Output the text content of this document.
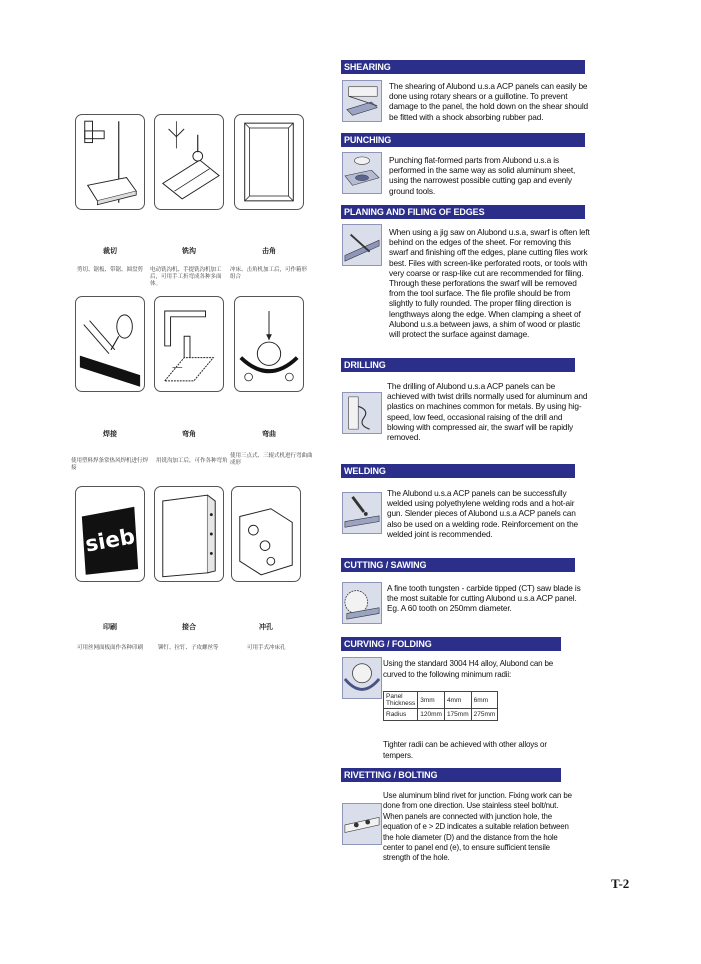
裁切
剪切、锯板、带锯、圆盘剪
铣沟
电动铣沟机、手提铣沟机加工后，可用手工折弯成各种多面体。
击角
冲床、击角机加工后，可作箱形组合
焊接
使用塑料焊条常热风焊机进行焊接
弯角
用铣沟加工后，可作各种弯角
弯曲
使用三点式、三辊式机进行弯曲曲成形
sieb
印刷
可用丝网面板面作各种印刷
接合
铆钉、拉钉、子攻螺丝等
冲孔
可用手式冲床孔
SHEARING
The shearing of Alubond u.s.a ACP panels can easily be
done using rotary shears or a guillotine. To prevent
damage to the panel, the hold down on the shear should
be fitted with a shock absorbing rubber pad.
PUNCHING
Punching flat-formed parts from Alubond u.s.a is
performed in the same way as solid aluminum sheet,
using the narrowest possible cutting gap and evenly
ground tools.
PLANING AND FILING OF EDGES
When using a jig saw on Alubond u.s.a, swarf is often left
behind on the edges of the sheet. For removing this
swarf and finishing off the edges, plane cutting files work
best. Files with screen-like perforated roots, or tools with
very coarse or rasp-like cut are recommended for filing.
Through these perforations the swarf will be removed
from the tool surface. The file profile should be from
slightly to fully rounded. The proper filing direction is
lengthways along the edge. When clamping a sheet of
Alubond u.s.a between jaws, a shim of wood or plastic
will protect the surface against damage.
DRILLING
The drilling of Alubond u.s.a ACP panels can be
achieved with twist drills normally used for aluminum and
plastics on machines common for metals. By using hig-
speed, low feed, occasional raising of the drill and
blowing with compressed air, the swarf will be rapidly
removed.
WELDING
The Alubond u.s.a ACP panels can be successfully
welded using polyethylene welding rods and a hot-air
gun. Slender pieces of Alubond u.s.a ACP panels can
also be used on a welding rode. Reinforcement on the
welded joint is recommended.
CUTTING / SAWING
A fine tooth tungsten - carbide tipped (CT) saw blade is
the most suitable for cutting Alubond u.s.a ACP panel.
Eg. A 60 tooth on 250mm diameter.
CURVING / FOLDING
Using the standard 3004 H4 alloy, Alubond can be
curved to the following minimum radii:
Panel Thickness	3mm	4mm	6mm
Radius	120mm	175mm	275mm
Tighter radii can be achieved with other alloys or
tempers.
RIVETTING / BOLTING
Use aluminum blind rivet for junction. Fixing work can be
done from one direction. Use stainless steel bolt/nut.
When panels are connected with junction hole, the
equation of e > 2D indicates a suitable relation between
the hole diameter (D) and the distance from the hole
center to panel end (e), to ensure sufficient tensile
strength of the hole.
T-2
